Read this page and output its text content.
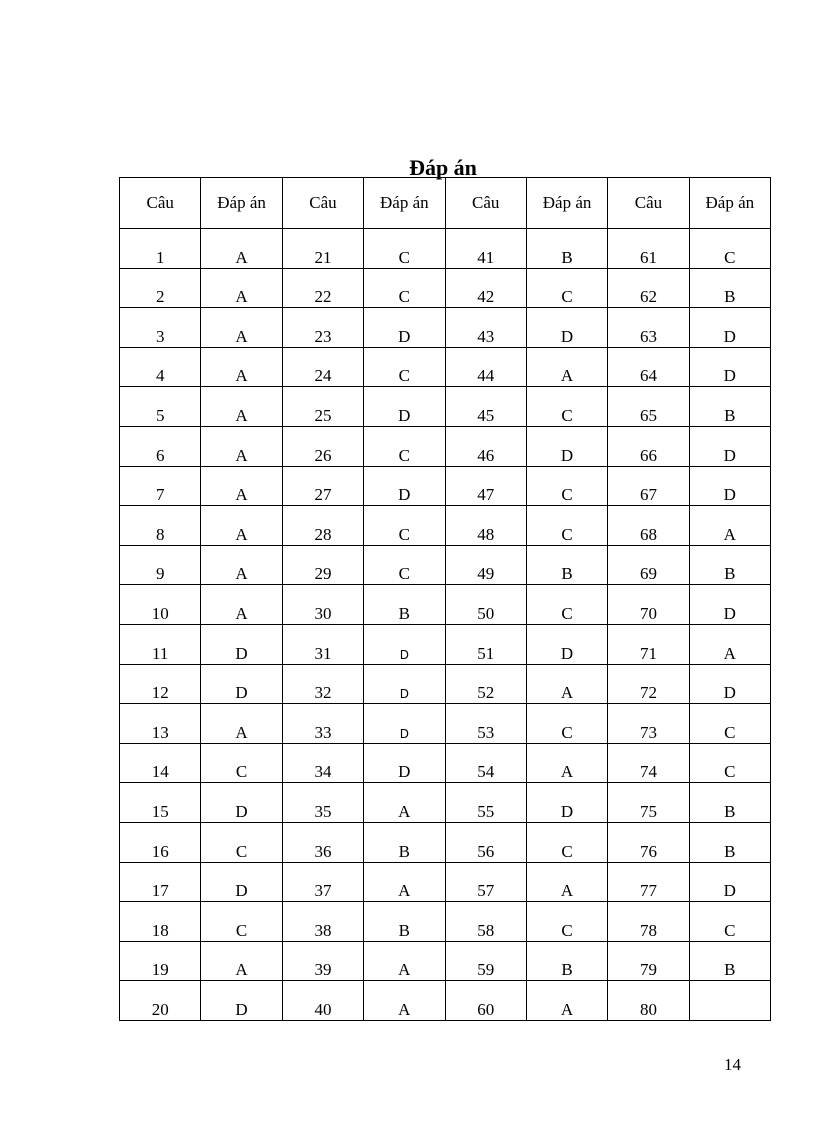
Đáp án
Câu	Đáp án	Câu	Đáp án	Câu	Đáp án	Câu	Đáp án
1	A	21	C	41	B	61	C
2	A	22	C	42	C	62	B
3	A	23	D	43	D	63	D
4	A	24	C	44	A	64	D
5	A	25	D	45	C	65	B
6	A	26	C	46	D	66	D
7	A	27	D	47	C	67	D
8	A	28	C	48	C	68	A
9	A	29	C	49	B	69	B
10	A	30	B	50	C	70	D
11	D	31	D	51	D	71	A
12	D	32	D	52	A	72	D
13	A	33	D	53	C	73	C
14	C	34	D	54	A	74	C
15	D	35	A	55	D	75	B
16	C	36	B	56	C	76	B
17	D	37	A	57	A	77	D
18	C	38	B	58	C	78	C
19	A	39	A	59	B	79	B
20	D	40	A	60	A	80	
14
